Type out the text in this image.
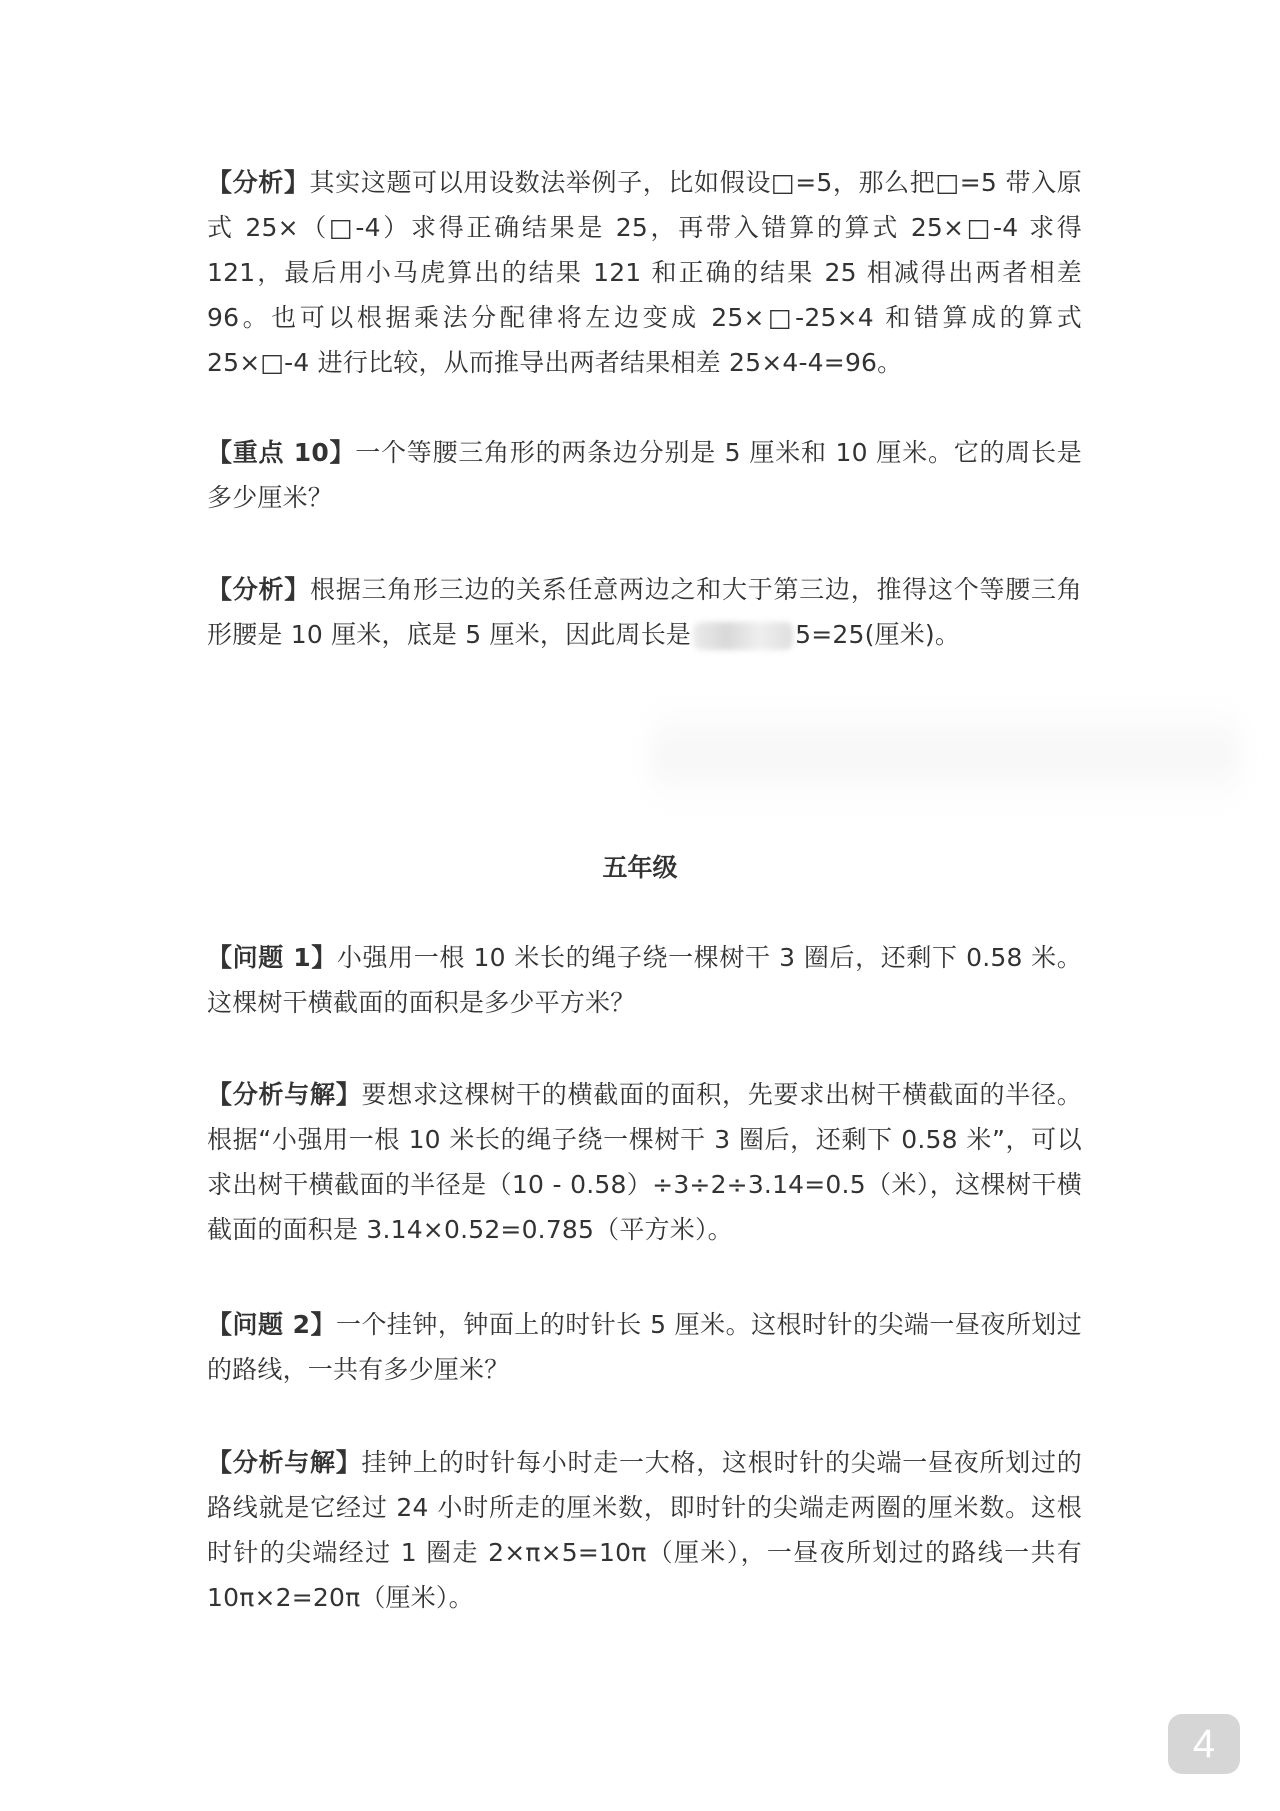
【分析】其实这题可以用设数法举例子，比如假设□=5，那么把□=5 带入原式 25×（□-4）求得正确结果是 25，再带入错算的算式 25×□-4 求得 121，最后用小马虎算出的结果 121 和正确的结果 25 相减得出两者相差 96。也可以根据乘法分配律将左边变成 25×□-25×4 和错算成的算式 25×□-4 进行比较，从而推导出两者结果相差 25×4-4=96。

【重点 10】一个等腰三角形的两条边分别是 5 厘米和 10 厘米。它的周长是多少厘米？

【分析】根据三角形三边的关系任意两边之和大于第三边，推得这个等腰三角形腰是 10 厘米，底是 5 厘米，因此周长是	5=25(厘米)。

五年级

【问题 1】小强用一根 10 米长的绳子绕一棵树干 3 圈后，还剩下 0.58 米。这棵树干横截面的面积是多少平方米？

【分析与解】要想求这棵树干的横截面的面积，先要求出树干横截面的半径。根据“小强用一根 10 米长的绳子绕一棵树干 3 圈后，还剩下 0.58 米”，可以求出树干横截面的半径是（10 - 0.58）÷3÷2÷3.14=0.5（米），这棵树干横截面的面积是 3.14×0.52=0.785（平方米）。

【问题 2】一个挂钟，钟面上的时针长 5 厘米。这根时针的尖端一昼夜所划过的路线，一共有多少厘米？

【分析与解】挂钟上的时针每小时走一大格，这根时针的尖端一昼夜所划过的路线就是它经过 24 小时所走的厘米数，即时针的尖端走两圈的厘米数。这根时针的尖端经过 1 圈走 2×π×5=10π（厘米），一昼夜所划过的路线一共有 10π×2=20π（厘米）。

4
